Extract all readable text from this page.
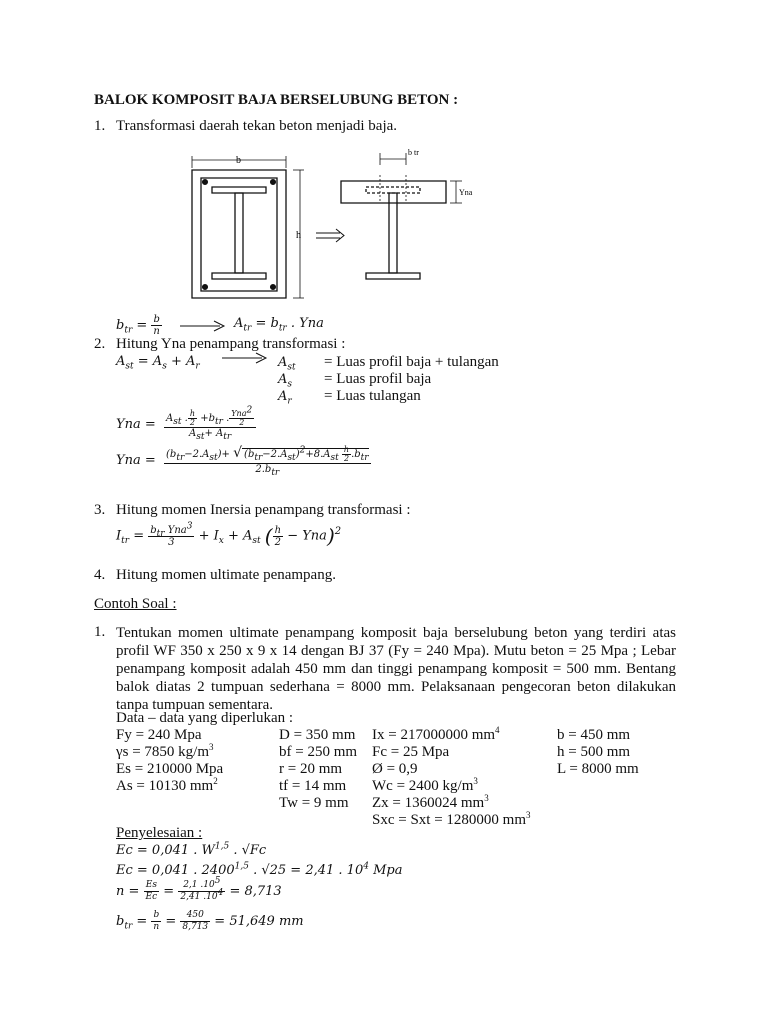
BALOK KOMPOSIT BAJA BERSELUBUNG BETON :
1. Transformasi daerah tekan beton menjadi baja.
b
h
b tr
Yna
$b_{tr} = \frac{b}{n}$	$A_{tr} = b_{tr}$ . Yna
2. Hitung Yna penampang transformasi :
$A_{st} = A_s + A_r$	$A_{st}$ = Luas profil baja + tulangan
$A_s$ = Luas profil baja
$A_r$ = Luas tulangan
Yna = $\frac{A_{st} . \frac{h}{2} +b_{tr} . \frac{Yna^2}{2}}{A_{st}+ A_{tr}}$
Yna = $\frac{(b_{tr}-2.A_{st})+ √ (b_{tr}-2.A_{st})^2+8.A_{st} \frac{h}{2} .b_{tr}}{2.b_{tr}}$
3. Hitung momen Inersia penampang transformasi :
$I_{tr} = \frac{b_{tr} Yna^3}{3} + I_x + A_{st}$ ( $\frac{h}{2} - Yna)^2$
4. Hitung momen ultimate penampang.
Contoh Soal :
1. Tentukan momen ultimate penampang komposit baja berselubung beton yang terdiri atas profil WF 350 x 250 x 9 x 14 dengan BJ 37 (Fy = 240 Mpa). Mutu beton = 25 Mpa ; Lebar penampang komposit adalah 450 mm dan tinggi penampang komposit = 500 mm. Bentang balok diatas 2 tumpuan sederhana = 8000 mm. Pelaksanaan pengecoran beton dilakukan tanpa tumpuan sementara.
Data – data yang diperlukan :
Fy = 240 Mpa
γs = 7850 $kg/m^3$
Es = 210000 Mpa
As = 10130 $mm^2$
D = 350 mm
bf = 250 mm
r = 20 mm
tf = 14 mm
Tw = 9 mm
Ix = 217000000 $mm^4$
Fc = 25 Mpa
Ø = 0,9
Wc = 2400 $kg/m^3$
Zx = 1360024 $mm^3$
Sxc = Sxt = 1280000 $mm^3$
b = 450 mm
h = 500 mm
L = 8000 mm
Penyelesaian :
Ec = 0,041 . W$^{1,5}$ . √Fc
Ec = 0,041 . 2400$^{1,5}$ . √25 = 2,41 . $10^4$ Mpa
$n = \frac{Es}{Ec} = \frac{2,1 .10^5}{2,41 .10^4} = 8,713$
$b_{tr} = \frac{b}{n} = \frac{450}{8,713} = 51,649$ mm
